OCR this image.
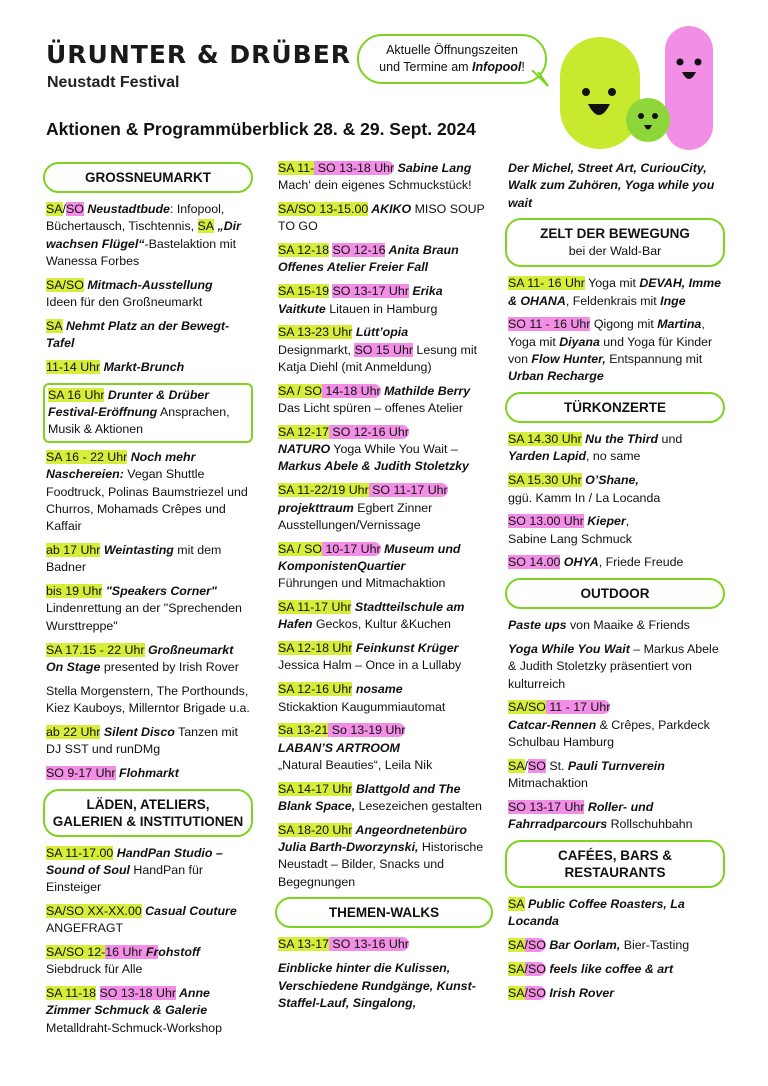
ÜRUNTER & DRÜBER
Neustadt Festival
Aktuelle Öffnungszeiten
und Termine am Infopool!
Aktionen & Programmüberblick 28. & 29. Sept. 2024
GROSSNEUMARKT
SA/SO Neustadtbude: Infopool, Büchertausch, Tischtennis, SA „Dir wachsen Flügel“-Bastelaktion mit Wanessa Forbes
SA/SO Mitmach-Ausstellung
Ideen für den Großneumarkt
SA Nehmt Platz an der Bewegt-Tafel
11-14 Uhr Markt-Brunch
SA 16 Uhr Drunter & Drüber Festival-Eröffnung Ansprachen, Musik & Aktionen
SA 16 - 22 Uhr Noch mehr Naschereien: Vegan Shuttle Foodtruck, Polinas Baumstriezel und Churros, Mohamads Crêpes und Kaffair
ab 17 Uhr Weintasting mit dem Badner
bis 19 Uhr "Speakers Corner"
Lindenrettung an der "Sprechenden Wursttreppe"
SA 17.15 - 22 Uhr Großneumarkt On Stage presented by Irish Rover
Stella Morgenstern, The Porthounds, Kiez Kauboys, Millerntor Brigade u.a.
ab 22 Uhr Silent Disco Tanzen mit DJ SST und runDMg
SO 9-17 Uhr Flohmarkt
LÄDEN, ATELIERS,
GALERIEN & INSTITUTIONEN
SA 11-17.00 HandPan Studio – Sound of Soul HandPan für Einsteiger
SA/SO XX-XX.00 Casual Couture ANGEFRAGT
SA/SO 12-16 Uhr Frohstoff
Siebdruck für Alle
SA 11-18 SO 13-18 Uhr Anne Zimmer Schmuck & Galerie
Metalldraht-Schmuck-Workshop
SA 11- SO 13-18 Uhr Sabine Lang
Mach‘ dein eigenes Schmuckstück!
SA/SO 13-15.00 AKIKO MISO SOUP TO GO
SA 12-18 SO 12-16 Anita Braun Offenes Atelier Freier Fall
SA 15-19 SO 13-17 Uhr Erika Vaitkute Litauen in Hamburg
SA 13-23 Uhr Lütt’opia
Designmarkt, SO 15 Uhr Lesung mit Katja Diehl (mit Anmeldung)
SA / SO 14-18 Uhr Mathilde Berry
Das Licht spüren – offenes Atelier
SA 12-17 SO 12-16 Uhr
NATURO Yoga While You Wait – Markus Abele & Judith Stoletzky
SA 11-22/19 Uhr SO 11-17 Uhr
projekttraum Egbert Zinner Ausstellungen/Vernissage
SA / SO 10-17 Uhr Museum und KomponistenQuartier
Führungen und Mitmachaktion
SA 11-17 Uhr Stadtteilschule am Hafen Geckos, Kultur &Kuchen
SA 12-18 Uhr Feinkunst Krüger
Jessica Halm – Once in a Lullaby
SA 12-16 Uhr nosame
Stickaktion Kaugummiautomat
Sa 13-21 So 13-19 Uhr
LABAN’S ARTROOM
„Natural Beauties“, Leila Nik
SA 14-17 Uhr Blattgold and The Blank Space, Lesezeichen gestalten
SA 18-20 Uhr Angeordnetenbüro Julia Barth-Dworzynski, Historische Neustadt – Bilder, Snacks und Begegnungen
THEMEN-WALKS
SA 13-17 SO 13-16 Uhr
Einblicke hinter die Kulissen, Verschiedene Rundgänge, Kunst-Staffel-Lauf, Singalong,
Der Michel, Street Art, CuriouCity, Walk zum Zuhören, Yoga while you wait
ZELT DER BEWEGUNG
bei der Wald-Bar
SA 11- 16 Uhr Yoga mit DEVAH, Imme & OHANA, Feldenkrais mit Inge
SO 11 - 16 Uhr Qigong mit Martina, Yoga mit Diyana und Yoga für Kinder von Flow Hunter, Entspannung mit Urban Recharge
TÜRKONZERTE
SA 14.30 Uhr Nu the Third und Yarden Lapid, no same
SA 15.30 Uhr O’Shane,
ggü. Kamm In / La Locanda
SO 13.00 Uhr Kieper,
Sabine Lang Schmuck
SO 14.00 OHYA, Friede Freude
OUTDOOR
Paste ups von Maaike & Friends
Yoga While You Wait – Markus Abele & Judith Stoletzky präsentiert von kulturreich
SA/SO 11 - 17 Uhr
Catcar-Rennen & Crêpes, Parkdeck Schulbau Hamburg
SA/SO St. Pauli Turnverein
Mitmachaktion
SO 13-17 Uhr Roller- und Fahrradparcours Rollschuhbahn
CAFÉES, BARS &
RESTAURANTS
SA Public Coffee Roasters, La Locanda
SA/SO Bar Oorlam, Bier-Tasting
SA/SO feels like coffee & art
SA/SO Irish Rover
